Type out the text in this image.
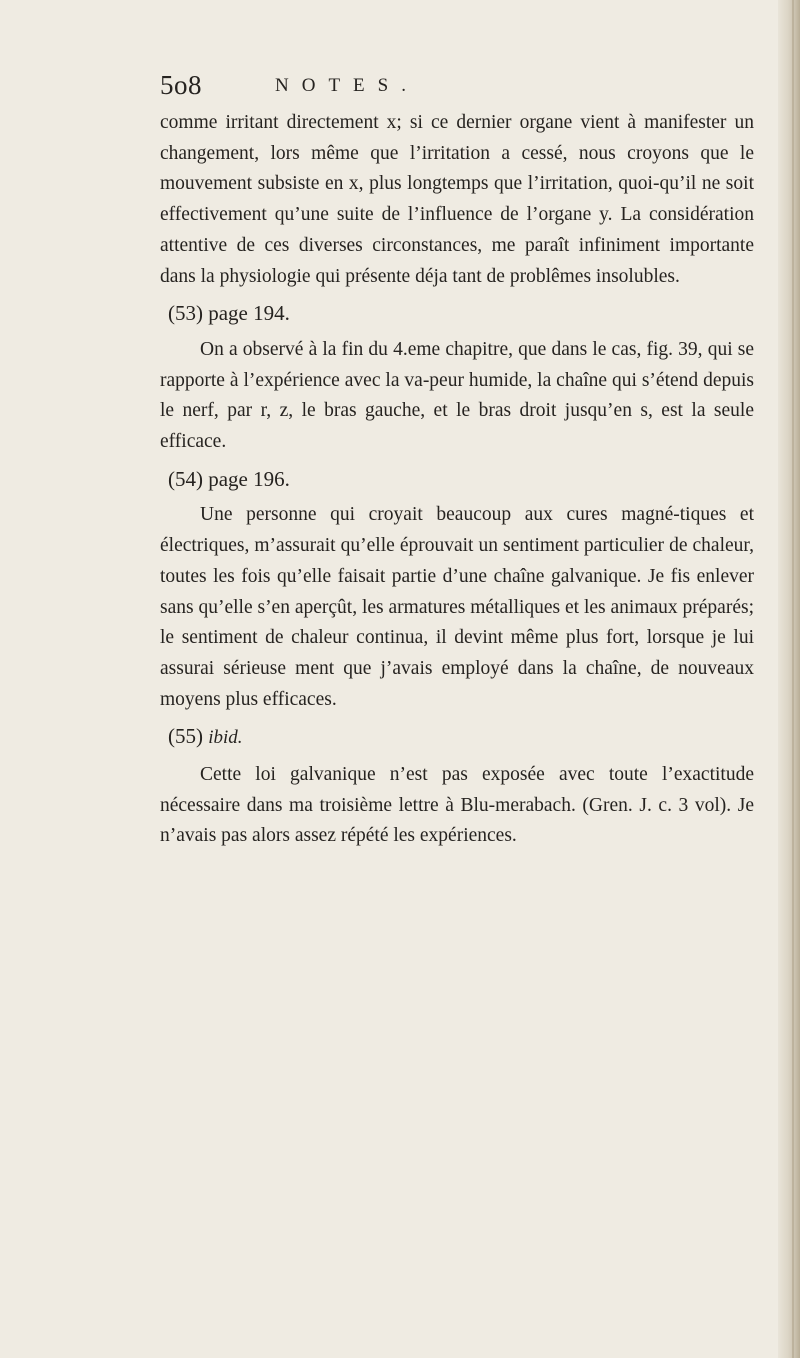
5o8	NOTES.

comme irritant directement x; si ce dernier organe vient à manifester un changement, lors même que l’irritation a cessé, nous croyons que le mouvement subsiste en x, plus longtemps que l’irritation, quoi-qu’il ne soit effectivement qu’une suite de l’influence de l’organe y. La considération attentive de ces diverses circonstances, me paraît infiniment importante dans la physiologie qui présente déja tant de problêmes insolubles.

(53) page 194.

On a observé à la fin du 4.eme chapitre, que dans le cas, fig. 39, qui se rapporte à l’expérience avec la va-peur humide, la chaîne qui s’étend depuis le nerf, par r, z, le bras gauche, et le bras droit jusqu’en s, est la seule efficace.

(54) page 196.

Une personne qui croyait beaucoup aux cures magné-tiques et électriques, m’assurait qu’elle éprouvait un sentiment particulier de chaleur, toutes les fois qu’elle faisait partie d’une chaîne galvanique. Je fis enlever sans qu’elle s’en aperçût, les armatures métalliques et les animaux préparés; le sentiment de chaleur continua, il devint même plus fort, lorsque je lui assurai sérieuse ment que j’avais employé dans la chaîne, de nouveaux moyens plus efficaces.

(55) ibid.

Cette loi galvanique n’est pas exposée avec toute l’exactitude nécessaire dans ma troisième lettre à Blu-merabach. (Gren. J. c. 3 vol). Je n’avais pas alors assez répété les expériences.
